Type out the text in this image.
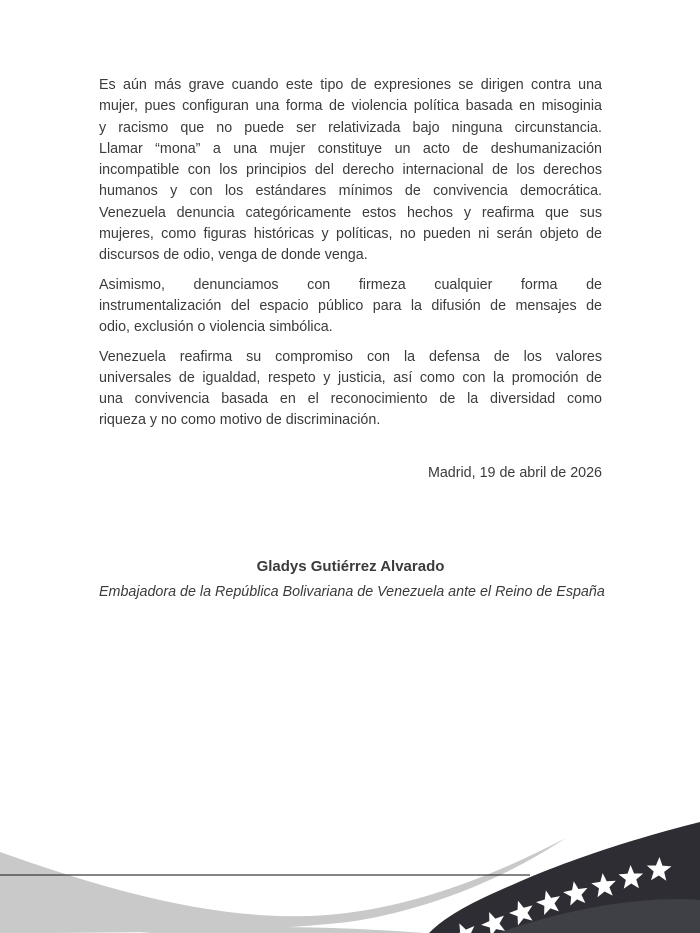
Es aún más grave cuando este tipo de expresiones se dirigen contra una
mujer, pues configuran una forma de violencia política basada en misoginia
y racismo que no puede ser relativizada bajo ninguna circunstancia.
Llamar “mona” a una mujer constituye un acto de deshumanización
incompatible con los principios del derecho internacional de los derechos
humanos y con los estándares mínimos de convivencia democrática.
Venezuela denuncia categóricamente estos hechos y reafirma que sus
mujeres, como figuras históricas y políticas, no pueden ni serán objeto de
discursos de odio, venga de donde venga.
Asimismo, denunciamos con firmeza cualquier forma de
instrumentalización del espacio público para la difusión de mensajes de
odio, exclusión o violencia simbólica.
Venezuela reafirma su compromiso con la defensa de los valores
universales de igualdad, respeto y justicia, así como con la promoción de
una convivencia basada en el reconocimiento de la diversidad como
riqueza y no como motivo de discriminación.
Madrid, 19 de abril de 2026
Gladys Gutiérrez Alvarado
Embajadora de la República Bolivariana de Venezuela ante el Reino de España
